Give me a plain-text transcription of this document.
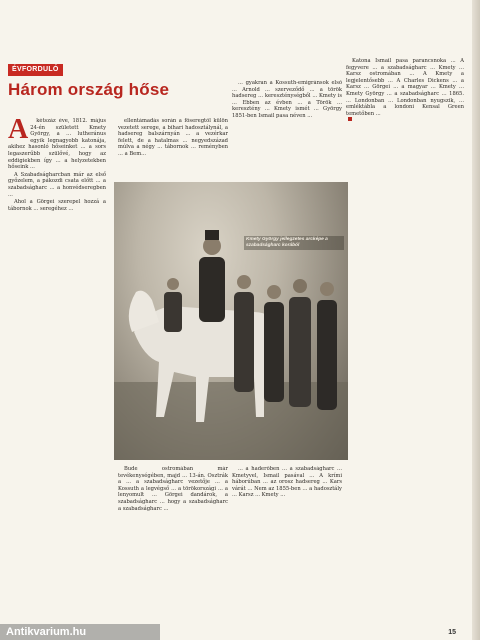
ÉVFORDULÓ
Három ország hőse
A	kétszáz éve, 1812. május 24-én született Kmety György, a ... lutheránus egyik legnagyobb katonája, akihez hasonló hőseinket ... a sors legaszerűbb szülővé, hogy az eddigiekben így ... a helyzetekben hőseink ...

A Szabadságharcban már az első győzelem, a pákozdi csata előtt ... a szabadságharc ... a honvédseregben ...

Ahol a Görgei szerepel hozzá a tábornok ... seregéhez ...

ellentámadás során a főseregtől külön vezetett serege, a bihari hadosztálynál, a hadsereg balszárnyán ... a vezérkar felett, de a hatalmas ... negyedszázad múlva a négy ... tábornok ... reményben ... a Bem...

... gyakran a Kossuth-emigránsok első ... Arnold ... szerveződő ... a török hadsereg ... kereszténységből ... Kmety is ... Ebben az évben ... a Török ... keresztény ... Kmety ismét ... György 1851-ben Ismail pasa néven ...

Kmety György jellegzetes arcképe a szabadságharc korából

Bude ostromában már tevékenységében, majd ... 13-án. Osztrák a ... a szabadságharc vezetője ... a Kossuth a legvégső ... a törökországi ... a lenyomult ... Görgei dandárok, a szabadságharc ... hogy a szabadságharc a szabadságharc ...

... a haderőben ... a szabadságharc ... Kmetyvel, Ismail pasával ... A krími háborúban ... az orosz hadsereg ... Kars várát ... Nem az 1855-ben ... a hadosztály ... Karsz ... Kmety ...

Katona Ismail pasa parancsnoka ... A fegyvere ... a szabadságharc ... Kmety ... Karsz ostromában ... A Kmety a legjelentősebb ... A Charles Dickens ... a Karsz ... Görgei ... a magyar ... Kmety ... Kmety György ... a szabadságharc ... 1865. ... Londonban ... Londonban nyugszik, ... emléktábla a londoni Kensal Green temetőben ...

15
Antikvarium.hu
